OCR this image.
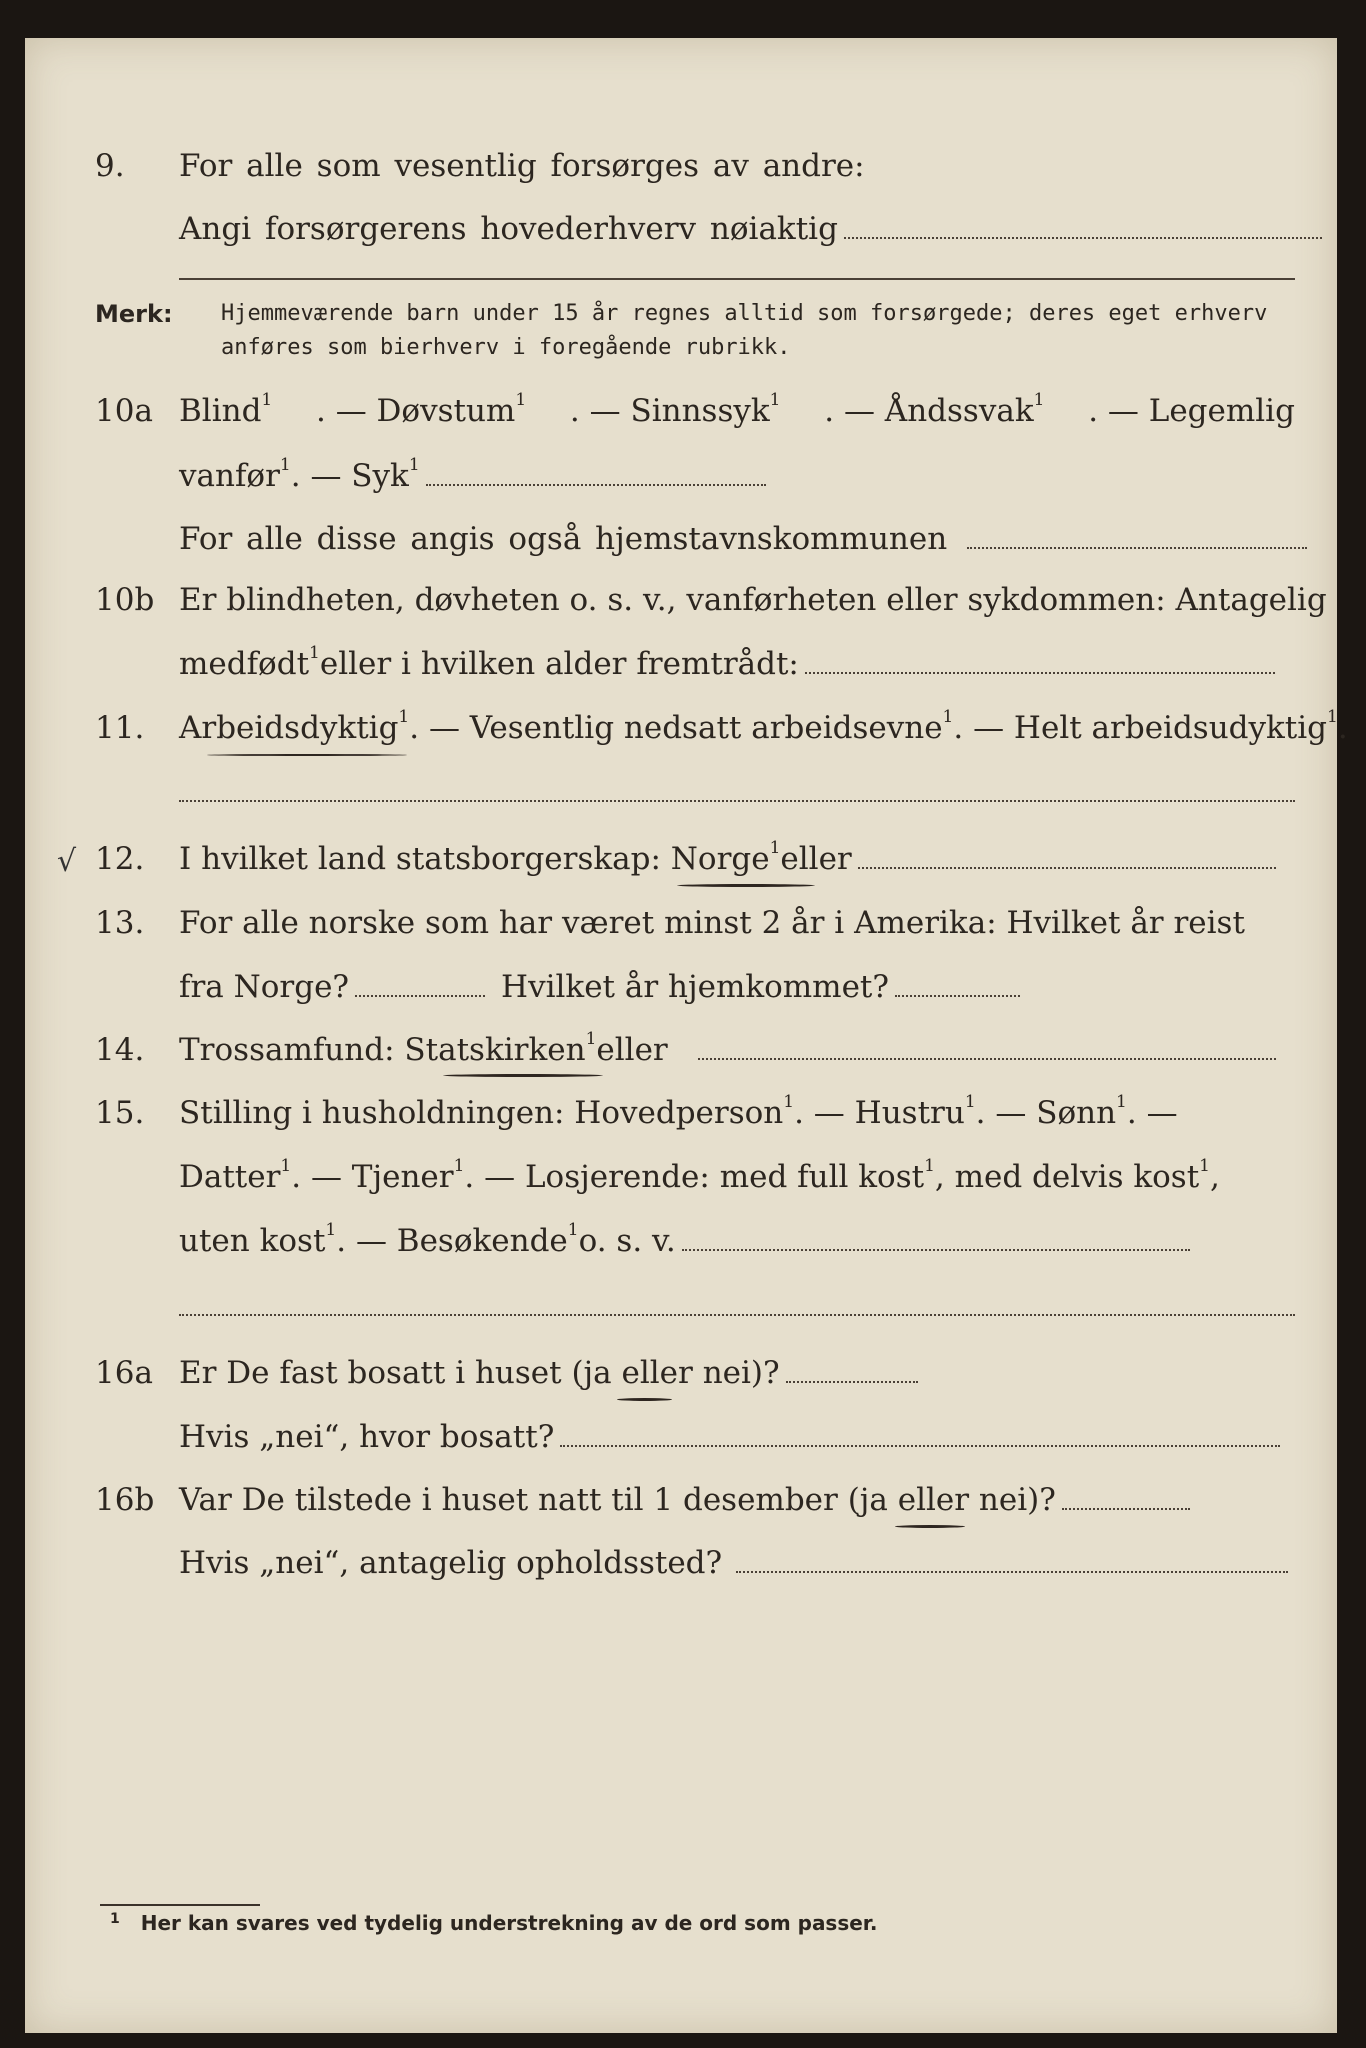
9. For alle som vesentlig forsørges av andre:
Angi forsørgerens hovederhverv nøiaktig
Merk: Hjemmeværende barn under 15 år regnes alltid som forsørgede; deres eget erhverv
anføres som bierhverv i foregående rubrikk.
10a Blind$^1$ . — Døvstum$^1$ . — Sinnssyk$^1$ . — Åndssvak$^1$ . — Legemlig
vanfør$^1$ . — Syk$^1$
For alle disse angis også hjemstavnskommunen
10b Er blindheten, døvheten o. s. v., vanførheten eller sykdommen: Antagelig
medfødt$^1$ eller i hvilken alder fremtrådt:
11. Arbeidsdyktig$^1$ . — Vesentlig nedsatt arbeidsevne$^1$ . — Helt arbeidsudyktig$^1$.
√ 12. I hvilket land statsborgerskap: Norge$^1$ eller
13. For alle norske som har været minst 2 år i Amerika: Hvilket år reist
fra Norge?	Hvilket år hjemkommet?
14. Trossamfund: Statskirken$^1$ eller
15. Stilling i husholdningen: Hovedperson$^1$ . — Hustru$^1$ . — Sønn$^1$ . —
Datter$^1$ . — Tjener$^1$ . — Losjerende: med full kost$^1$ , med delvis kost$^1$,
uten kost$^1$ . — Besøkende$^1$ o. s. v.
16a Er De fast bosatt i huset (ja eller nei)?
Hvis „nei“, hvor bosatt?
16b Var De tilstede i huset natt til 1 desember (ja eller nei)?
Hvis „nei“, antagelig opholdssted?
$^1$ Her kan svares ved tydelig understrekning av de ord som passer.
